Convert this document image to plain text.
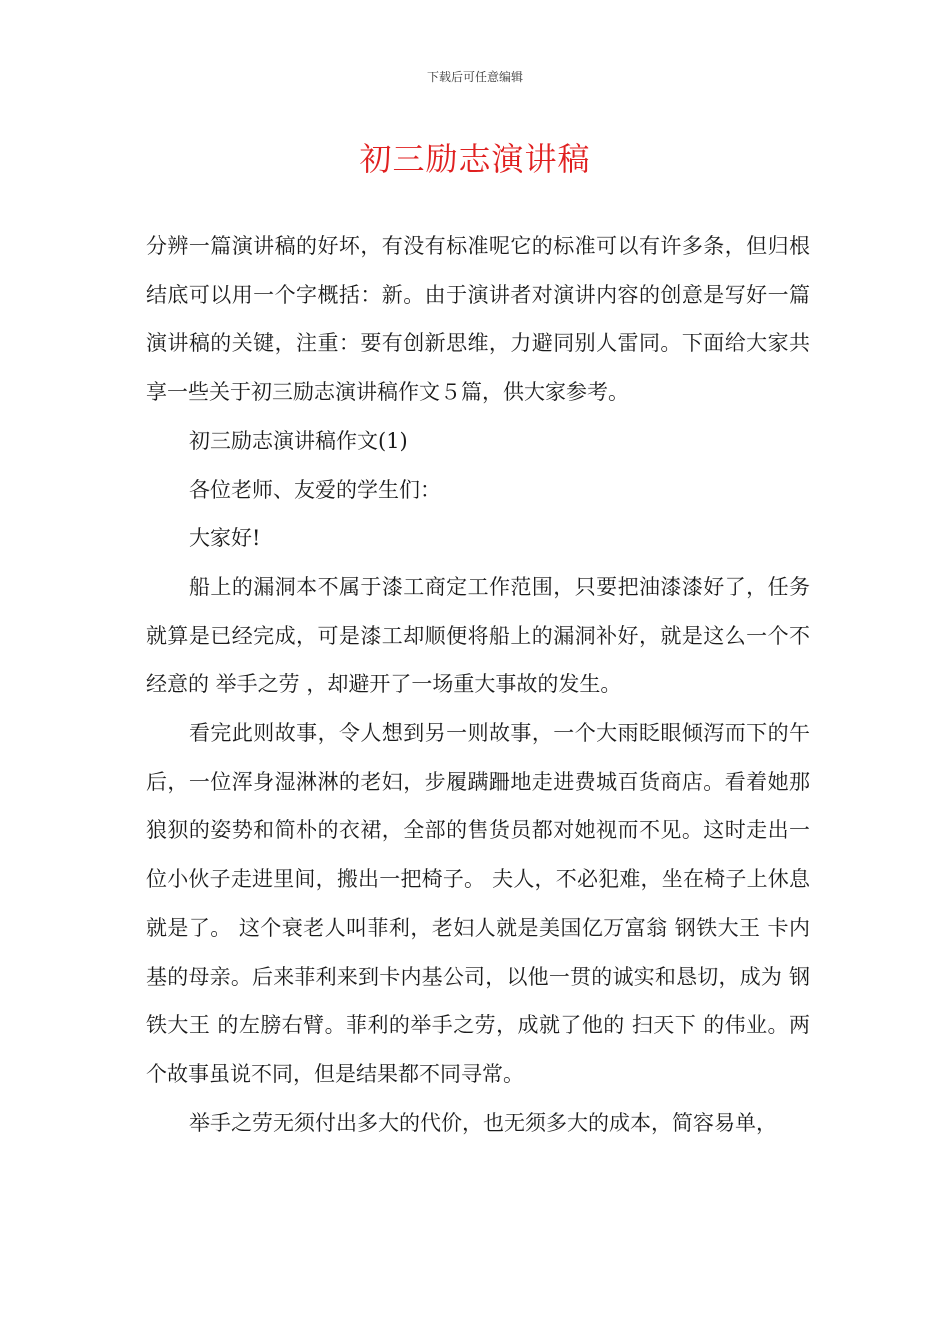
下载后可任意编辑
初三励志演讲稿

分辨一篇演讲稿的好坏，有没有标准呢它的标准可以有许多条，但归根结底可以用一个字概括：新。由于演讲者对演讲内容的创意是写好一篇演讲稿的关键，注重：要有创新思维，力避同别人雷同。下面给大家共享一些关于初三励志演讲稿作文５篇，供大家参考。

初三励志演讲稿作文(1)

各位老师、友爱的学生们：

大家好!

船上的漏洞本不属于漆工商定工作范围，只要把油漆漆好了，任务就算是已经完成，可是漆工却顺便将船上的漏洞补好，就是这么一个不经意的 举手之劳 ，却避开了一场重大事故的发生。

看完此则故事，令人想到另一则故事，一个大雨眨眼倾泻而下的午后，一位浑身湿淋淋的老妇，步履蹒跚地走进费城百货商店。看着她那狼狈的姿势和简朴的衣裙，全部的售货员都对她视而不见。这时走出一位小伙子走进里间，搬出一把椅子。 夫人，不必犯难，坐在椅子上休息就是了。 这个衰老人叫菲利，老妇人就是美国亿万富翁 钢铁大王 卡内基的母亲。后来菲利来到卡内基公司，以他一贯的诚实和恳切，成为 钢铁大王 的左膀右臂。菲利的举手之劳，成就了他的 扫天下 的伟业。两个故事虽说不同，但是结果都不同寻常。

举手之劳无须付出多大的代价，也无须多大的成本，简容易单，
